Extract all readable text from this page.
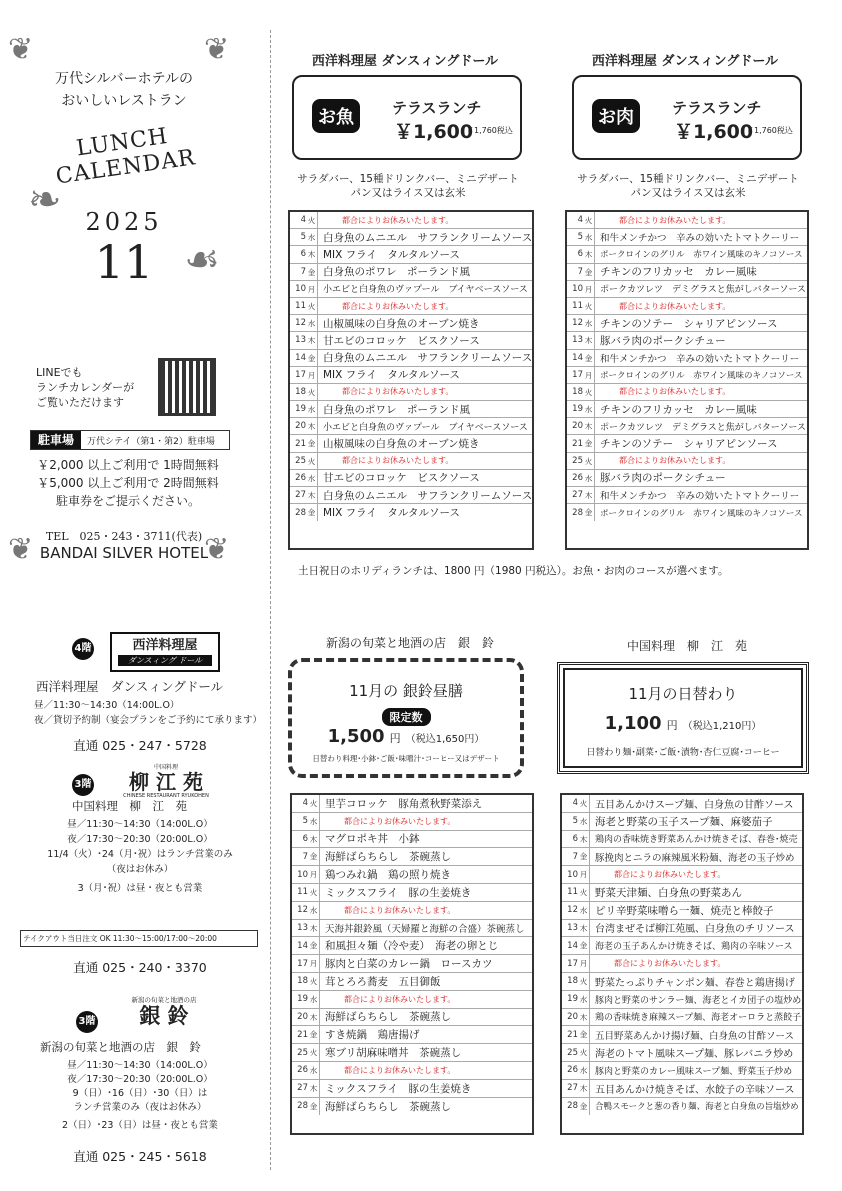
❦	❦
万代シルバーホテルの
おいしいレストラン
LUNCH CALENDAR
2025
11
❧
☙
LINEでも
ランチカレンダーが
ご覧いただけます
駐車場	万代シテイ（第1・第2）駐車場
￥2,000 以上ご利用で 1時間無料
￥5,000 以上ご利用で 2時間無料
駐車券をご提示ください。
TEL　025・243・3711(代表)
BANDAI SILVER HOTEL
❦	❦
西洋料理屋 ダンスィングドール
お魚	テラスランチ
￥1,600
￥1,760税込
サラダバー、15種ドリンクバー、ミニデザート
パン又はライス又は玄米
4 火	都合によりお休みいたします。
5 水 白身魚のムニエル　サフランクリームソース
6 木 MIX フライ　タルタルソース
7 金 白身魚のポワレ　ポーランド風
10 月 小エビと白身魚のヴァプール　ブイヤベースソース
11 火	都合によりお休みいたします。
12 水 山椒風味の白身魚のオーブン焼き
13 木 甘エビのコロッケ　ビスクソース
14 金 白身魚のムニエル　サフランクリームソース
17 月 MIX フライ　タルタルソース
18 火	都合によりお休みいたします。
19 水 白身魚のポワレ　ポーランド風
20 木 小エビと白身魚のヴァプール　ブイヤベースソース
21 金 山椒風味の白身魚のオーブン焼き
25 火	都合によりお休みいたします。
26 水 甘エビのコロッケ　ビスクソース
27 木 白身魚のムニエル　サフランクリームソース
28 金 MIX フライ　タルタルソース
西洋料理屋 ダンスィングドール
お肉	テラスランチ
￥1,600
￥1,760税込
サラダバー、15種ドリンクバー、ミニデザート
パン又はライス又は玄米
4 火	都合によりお休みいたします。
5 水 和牛メンチかつ　辛みの効いたトマトクーリー
6 木 ポークロインのグリル　赤ワイン風味のキノコソース
7 金 チキンのフリカッセ　カレー風味
10 月 ポークカツレツ　デミグラスと焦がしバターソース
11 火	都合によりお休みいたします。
12 水 チキンのソテー　シャリアピンソース
13 木 豚バラ肉のポークシチュー
14 金 和牛メンチかつ　辛みの効いたトマトクーリー
17 月 ポークロインのグリル　赤ワイン風味のキノコソース
18 火	都合によりお休みいたします。
19 水 チキンのフリカッセ　カレー風味
20 木 ポークカツレツ　デミグラスと焦がしバターソース
21 金 チキンのソテー　シャリアピンソース
25 火	都合によりお休みいたします。
26 水 豚バラ肉のポークシチュー
27 木 和牛メンチかつ　辛みの効いたトマトクーリー
28 金 ポークロインのグリル　赤ワイン風味のキノコソース
土日祝日のホリディランチは、1800 円（1980 円税込）。お魚・お肉のコースが選べます。
4階	西洋料理屋
ダンスィング ドール
西洋料理屋　ダンスィングドール
昼／11:30～14:30（14:00L.O）
夜／貸切予約制（宴会プランをご予約にて承ります）
直通 025・247・5728
3階
中国料理
柳 江 苑
CHINESE RESTAURANT RYUKOHEN
中国料理　柳　江　苑
昼／11:30～14:30（14:00L.O）
夜／17:30～20:30（20:00L.O）
11/4（火）･24（月･祝）はランチ営業のみ
（夜はお休み）
3（月･祝）は昼・夜とも営業
テイクアウト当日注文 OK 11:30～15:00/17:00～20:00
直通 025・240・3370
3階
新潟の旬菜と地酒の店
銀 鈴
新潟の旬菜と地酒の店　銀　鈴
昼／11:30～14:30（14:00L.O）
夜／17:30～20:30（20:00L.O）
9（日）･16（日）･30（日）は
ランチ営業のみ（夜はお休み）
2（日）･23（日）は昼・夜とも営業
直通 025・245・5618
新潟の旬菜と地酒の店　銀　鈴
11月の 銀鈴昼膳
限定数
1,500 円 （税込1,650円）
日替わり料理･小鉢･ご飯･味噌汁･コーヒー又はデザート
4 火 里芋コロッケ　豚角煮秋野菜添え
5 水	都合によりお休みいたします。
6 木 マグロポキ丼　小鉢
7 金 海鮮ばらちらし　茶碗蒸し
10 月 鶏つみれ鍋　鶏の照り焼き
11 火 ミックスフライ　豚の生姜焼き
12 水	都合によりお休みいたします。
13 木 天海丼銀鈴風（天婦羅と海鮮の合盛）茶碗蒸し
14 金 和風担々麺（冷や麦）　海老の卵とじ
17 月 豚肉と白菜のカレー鍋　ロースカツ
18 火 茸とろろ蕎麦　五目御飯
19 水	都合によりお休みいたします。
20 木 海鮮ばらちらし　茶碗蒸し
21 金 すき焼鍋　鶏唐揚げ
25 火 寒ブリ胡麻味噌丼　茶碗蒸し
26 水	都合によりお休みいたします。
27 木 ミックスフライ　豚の生姜焼き
28 金 海鮮ばらちらし　茶碗蒸し
中国料理　柳　江　苑
11月の日替わり
1,100 円 （税込1,210円）
日替わり麺･副菜･ご飯･漬物･杏仁豆腐･コーヒー
4 火 五目あんかけスープ麺、白身魚の甘酢ソース
5 水 海老と野菜の玉子スープ麺、麻婆茄子
6 木 鶏肉の香味焼き野菜あんかけ焼きそば、春巻･焼売
7 金 豚挽肉とニラの麻辣風米粉麺、海老の玉子炒め
10 月	都合によりお休みいたします。
11 火 野菜天津麺、白身魚の野菜あん
12 水 ピリ辛野菜味噌ら一麺、焼売と棒餃子
13 木 台湾まぜそば柳江苑風、白身魚のチリソース
14 金 海老の玉子あんかけ焼きそば、鶏肉の辛味ソース
17 月	都合によりお休みいたします。
18 火 野菜たっぷりチャンポン麺、春巻と鶏唐揚げ
19 水 豚肉と野菜のサンラー麺、海老とイカ団子の塩炒め
20 木 鶏の香味焼き麻辣スープ麺、海老オーロラと蒸餃子
21 金 五目野菜あんかけ揚げ麺、白身魚の甘酢ソース
25 火 海老のトマト風味スープ麺、豚レバニラ炒め
26 水 豚肉と野菜のカレー風味スープ麺、野菜玉子炒め
27 木 五目あんかけ焼きそば、水餃子の辛味ソース
28 金 合鴨スモークと葱の香り麺、海老と白身魚の旨塩炒め
